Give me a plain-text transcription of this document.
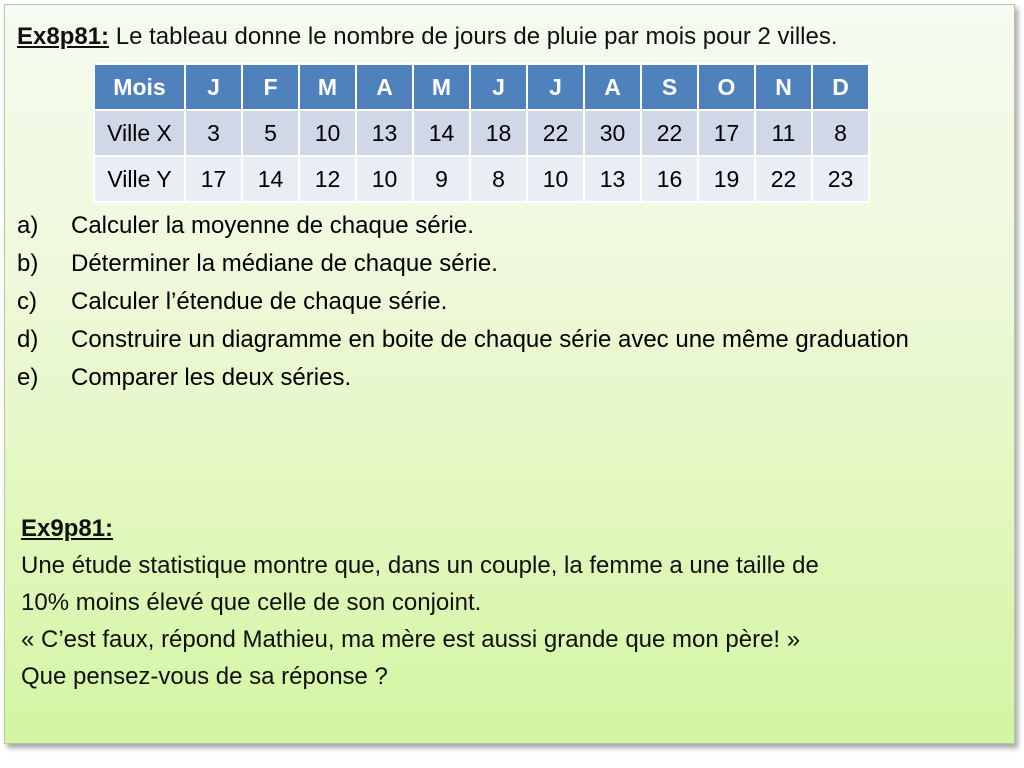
Ex8p81: Le tableau donne le nombre de jours de pluie par mois pour 2 villes.

Mois	J	F	M	A	M	J	J	A	S	O	N	D
Ville X	3	5	10	13	14	18	22	30	22	17	11	8
Ville Y	17	14	12	10	9	8	10	13	16	19	22	23
a) Calculer la moyenne de chaque série.
b) Déterminer la médiane de chaque série.
c) Calculer l’étendue de chaque série.
d) Construire un diagramme en boite de chaque série avec une même graduation
e) Comparer les deux séries.

Ex9p81:

Une étude statistique montre que, dans un couple, la femme a une taille de

10% moins élevé que celle de son conjoint.

« C’est faux, répond Mathieu, ma mère est aussi grande que mon père! »

Que pensez-vous de sa réponse ?
